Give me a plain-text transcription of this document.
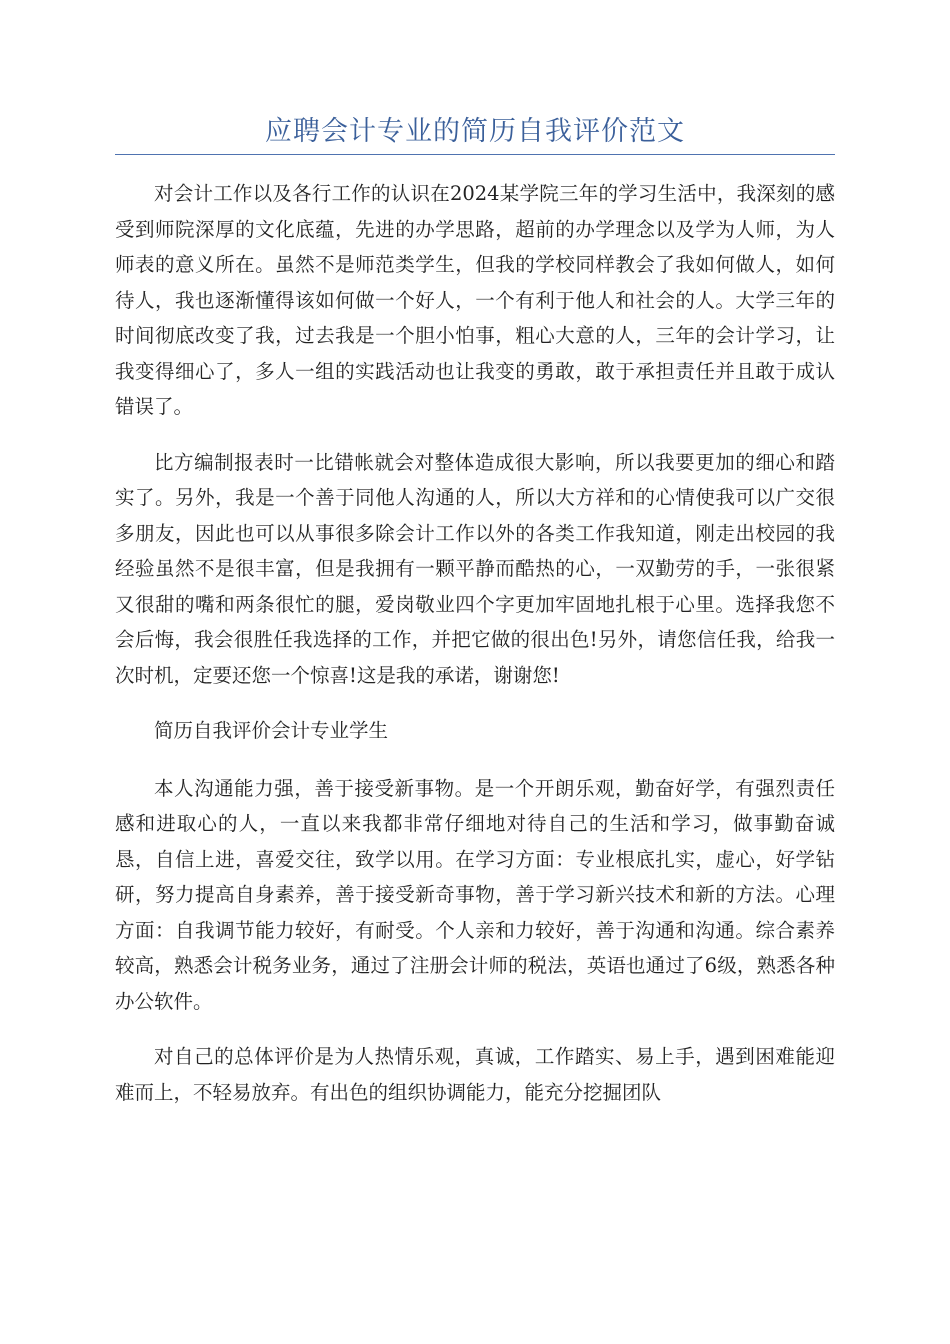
应聘会计专业的简历自我评价范文

对会计工作以及各行工作的认识在2024某学院三年的学习生活中，我深刻的感受到师院深厚的文化底蕴，先进的办学思路，超前的办学理念以及学为人师，为人师表的意义所在。虽然不是师范类学生，但我的学校同样教会了我如何做人，如何待人，我也逐渐懂得该如何做一个好人，一个有利于他人和社会的人。大学三年的时间彻底改变了我，过去我是一个胆小怕事，粗心大意的人，三年的会计学习，让我变得细心了，多人一组的实践活动也让我变的勇敢，敢于承担责任并且敢于成认错误了。

比方编制报表时一比错帐就会对整体造成很大影响，所以我要更加的细心和踏实了。另外，我是一个善于同他人沟通的人，所以大方祥和的心情使我可以广交很多朋友，因此也可以从事很多除会计工作以外的各类工作我知道，刚走出校园的我经验虽然不是很丰富，但是我拥有一颗平静而酷热的心，一双勤劳的手，一张很紧又很甜的嘴和两条很忙的腿，爱岗敬业四个字更加牢固地扎根于心里。选择我您不会后悔，我会很胜任我选择的工作，并把它做的很出色!另外，请您信任我，给我一次时机，定要还您一个惊喜!这是我的承诺，谢谢您!

简历自我评价会计专业学生

本人沟通能力强，善于接受新事物。是一个开朗乐观，勤奋好学，有强烈责任感和进取心的人，一直以来我都非常仔细地对待自己的生活和学习，做事勤奋诚恳，自信上进，喜爱交往，致学以用。在学习方面：专业根底扎实，虚心，好学钻研，努力提高自身素养，善于接受新奇事物，善于学习新兴技术和新的方法。心理方面：自我调节能力较好，有耐受。个人亲和力较好，善于沟通和沟通。综合素养较高，熟悉会计税务业务，通过了注册会计师的税法，英语也通过了6级，熟悉各种办公软件。

对自己的总体评价是为人热情乐观，真诚，工作踏实、易上手，遇到困难能迎难而上，不轻易放弃。有出色的组织协调能力，能充分挖掘团队
